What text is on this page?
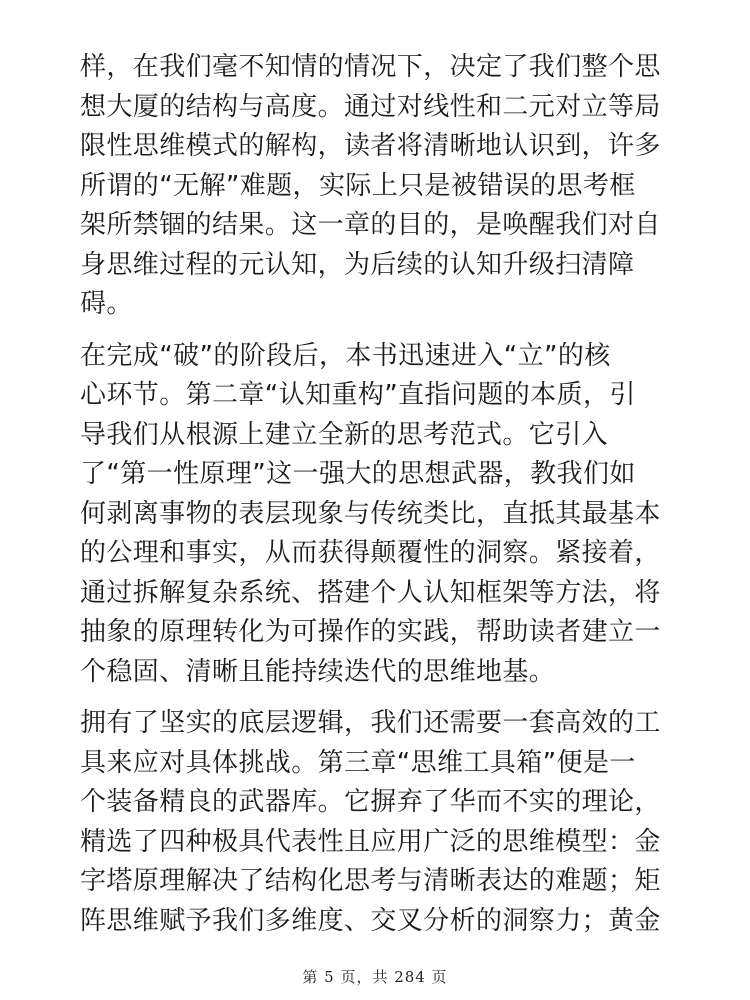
样，在我们毫不知情的情况下，决定了我们整个思
想大厦的结构与高度。通过对线性和二元对立等局
限性思维模式的解构，读者将清晰地认识到，许多
所谓的“无解”难题，实际上只是被错误的思考框
架所禁锢的结果。这一章的目的，是唤醒我们对自
身思维过程的元认知，为后续的认知升级扫清障
碍。
在完成“破”的阶段后，本书迅速进入“立”的核
心环节。第二章“认知重构”直指问题的本质，引
导我们从根源上建立全新的思考范式。它引入
了“第一性原理”这一强大的思想武器，教我们如
何剥离事物的表层现象与传统类比，直抵其最基本
的公理和事实，从而获得颠覆性的洞察。紧接着，
通过拆解复杂系统、搭建个人认知框架等方法，将
抽象的原理转化为可操作的实践，帮助读者建立一
个稳固、清晰且能持续迭代的思维地基。
拥有了坚实的底层逻辑，我们还需要一套高效的工
具来应对具体挑战。第三章“思维工具箱”便是一
个装备精良的武器库。它摒弃了华而不实的理论，
精选了四种极具代表性且应用广泛的思维模型：金
字塔原理解决了结构化思考与清晰表达的难题；矩
阵思维赋予我们多维度、交叉分析的洞察力；黄金
第 5 页，共 284 页
